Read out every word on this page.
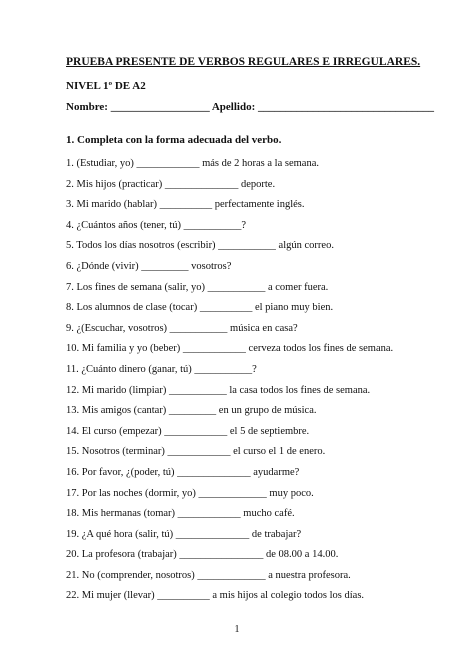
PRUEBA PRESENTE DE VERBOS REGULARES E IRREGULARES.
NIVEL 1º DE A2
Nombre: __________________ Apellido: ________________________________
1. Completa con la forma adecuada del verbo.
1. (Estudiar, yo) ____________ más de 2 horas a la semana.
2. Mis hijos (practicar) ______________ deporte.
3. Mi marido (hablar) __________ perfectamente inglés.
4. ¿Cuántos años (tener, tú) ___________?
5. Todos los días nosotros (escribir) ___________ algún correo.
6. ¿Dónde (vivir) _________ vosotros?
7. Los fines de semana (salir, yo) ___________ a comer fuera.
8. Los alumnos de clase (tocar) __________ el piano muy bien.
9. ¿(Escuchar, vosotros) ___________ música en casa?
10. Mi familia y yo (beber) ____________ cerveza todos los fines de semana.
11. ¿Cuánto dinero (ganar, tú) ___________?
12. Mi marido (limpiar) ___________ la casa todos los fines de semana.
13. Mis amigos (cantar) _________ en un grupo de música.
14. El curso (empezar) ____________ el 5 de septiembre.
15. Nosotros (terminar) ____________ el curso el 1 de enero.
16. Por favor, ¿(poder, tú) ______________ ayudarme?
17. Por las noches (dormir, yo) _____________ muy poco.
18. Mis hermanas (tomar) ____________ mucho café.
19. ¿A qué hora (salir, tú) ______________ de trabajar?
20. La profesora (trabajar) ________________ de 08.00 a 14.00.
21. No (comprender, nosotros) _____________ a nuestra profesora.
22. Mi mujer (llevar) __________ a mis hijos al colegio todos los días.
1
